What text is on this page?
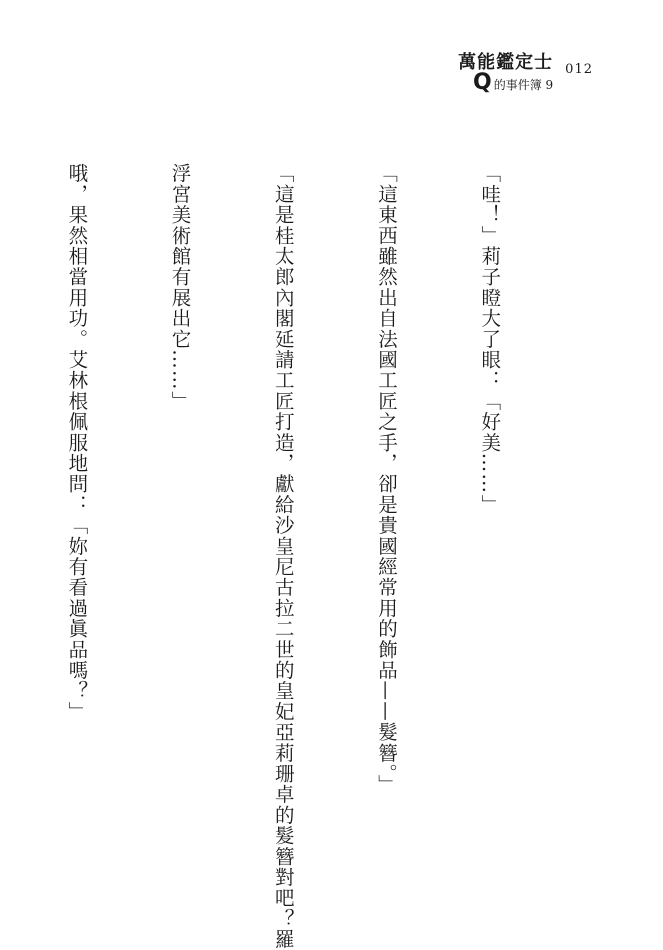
萬能鑑定士
Q 的事件簿 9
012

「哇！」莉子瞪大了眼：「好美……」

「這東西雖然出自法國工匠之手，卻是貴國經常用的飾品——髮簪。」

「這是桂太郎內閣延請工匠打造，獻給沙皇尼古拉二世的皇妃亞莉珊卓的髮簪對吧？羅

浮宮美術館有展出它……」

哦，果然相當用功。艾林根佩服地問：「妳有看過眞品嗎？」
